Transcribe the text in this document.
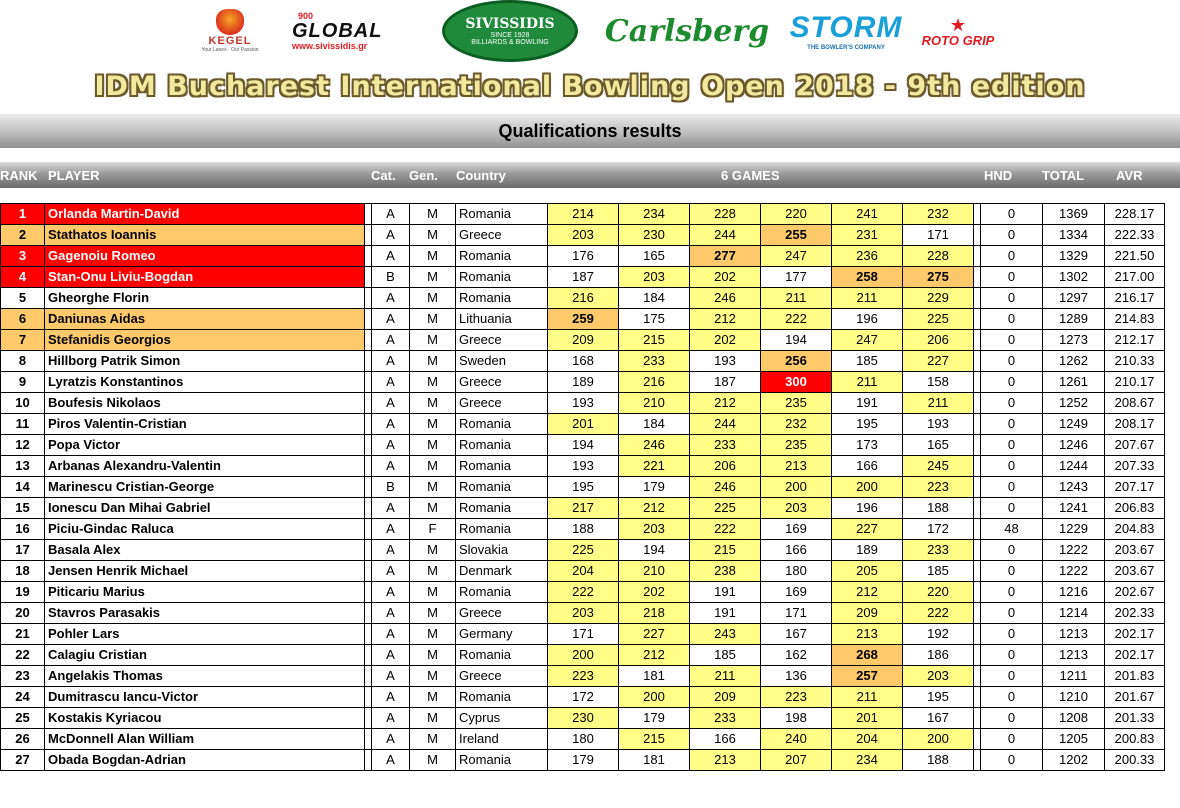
KEGEL
Your Lanes · Our Passion
900
GLOBAL
www.sivissidis.gr
SIVISSIDIS
SINCE 1928
BILLIARDS & BOWLING Carlsberg STORM
THE BOWLER'S COMPANY
★
ROTO GRIP
IDM Bucharest International Bowling Open 2018 - 9th edition
Qualifications results
RANK PLAYER	Cat. Gen. Country	6 GAMES	HND TOTAL AVR
1	Orlanda Martin-David		A	M	Romania	214	234	228	220	241	232		0	1369	228.17
2	Stathatos Ioannis		A	M	Greece	203	230	244	255	231	171		0	1334	222.33
3	Gagenoiu Romeo		A	M	Romania	176	165	277	247	236	228		0	1329	221.50
4	Stan-Onu Liviu-Bogdan		B	M	Romania	187	203	202	177	258	275		0	1302	217.00
5	Gheorghe Florin		A	M	Romania	216	184	246	211	211	229		0	1297	216.17
6	Daniunas Aidas		A	M	Lithuania	259	175	212	222	196	225		0	1289	214.83
7	Stefanidis Georgios		A	M	Greece	209	215	202	194	247	206		0	1273	212.17
8	Hillborg Patrik Simon		A	M	Sweden	168	233	193	256	185	227		0	1262	210.33
9	Lyratzis Konstantinos		A	M	Greece	189	216	187	300	211	158		0	1261	210.17
10	Boufesis Nikolaos		A	M	Greece	193	210	212	235	191	211		0	1252	208.67
11	Piros Valentin-Cristian		A	M	Romania	201	184	244	232	195	193		0	1249	208.17
12	Popa Victor		A	M	Romania	194	246	233	235	173	165		0	1246	207.67
13	Arbanas Alexandru-Valentin		A	M	Romania	193	221	206	213	166	245		0	1244	207.33
14	Marinescu Cristian-George		B	M	Romania	195	179	246	200	200	223		0	1243	207.17
15	Ionescu Dan Mihai Gabriel		A	M	Romania	217	212	225	203	196	188		0	1241	206.83
16	Piciu-Gindac Raluca		A	F	Romania	188	203	222	169	227	172		48	1229	204.83
17	Basala Alex		A	M	Slovakia	225	194	215	166	189	233		0	1222	203.67
18	Jensen Henrik Michael		A	M	Denmark	204	210	238	180	205	185		0	1222	203.67
19	Piticariu Marius		A	M	Romania	222	202	191	169	212	220		0	1216	202.67
20	Stavros Parasakis		A	M	Greece	203	218	191	171	209	222		0	1214	202.33
21	Pohler Lars		A	M	Germany	171	227	243	167	213	192		0	1213	202.17
22	Calagiu Cristian		A	M	Romania	200	212	185	162	268	186		0	1213	202.17
23	Angelakis Thomas		A	M	Greece	223	181	211	136	257	203		0	1211	201.83
24	Dumitrascu Iancu-Victor		A	M	Romania	172	200	209	223	211	195		0	1210	201.67
25	Kostakis Kyriacou		A	M	Cyprus	230	179	233	198	201	167		0	1208	201.33
26	McDonnell Alan William		A	M	Ireland	180	215	166	240	204	200		0	1205	200.83
27	Obada Bogdan-Adrian		A	M	Romania	179	181	213	207	234	188		0	1202	200.33
